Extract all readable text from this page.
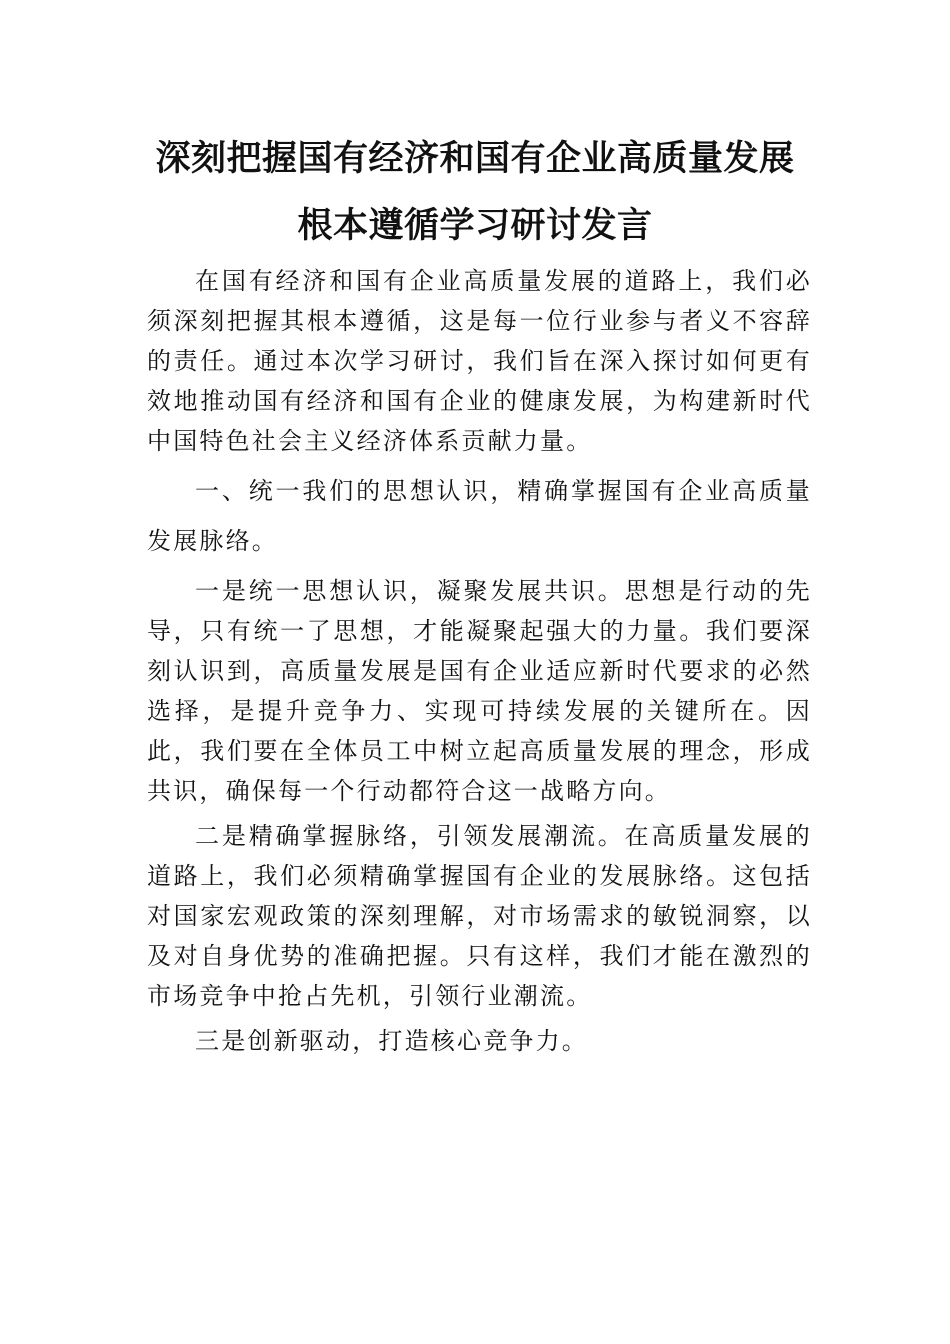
深刻把握国有经济和国有企业高质量发展
根本遵循学习研讨发言

在国有经济和国有企业高质量发展的道路上，我们必须深刻把握其根本遵循，这是每一位行业参与者义不容辞的责任。通过本次学习研讨，我们旨在深入探讨如何更有效地推动国有经济和国有企业的健康发展，为构建新时代中国特色社会主义经济体系贡献力量。

一、统一我们的思想认识，精确掌握国有企业高质量发展脉络。

一是统一思想认识，凝聚发展共识。思想是行动的先导，只有统一了思想，才能凝聚起强大的力量。我们要深刻认识到，高质量发展是国有企业适应新时代要求的必然选择，是提升竞争力、实现可持续发展的关键所在。因此，我们要在全体员工中树立起高质量发展的理念，形成共识，确保每一个行动都符合这一战略方向。

二是精确掌握脉络，引领发展潮流。在高质量发展的道路上，我们必须精确掌握国有企业的发展脉络。这包括对国家宏观政策的深刻理解，对市场需求的敏锐洞察，以及对自身优势的准确把握。只有这样，我们才能在激烈的市场竞争中抢占先机，引领行业潮流。

三是创新驱动，打造核心竞争力。
